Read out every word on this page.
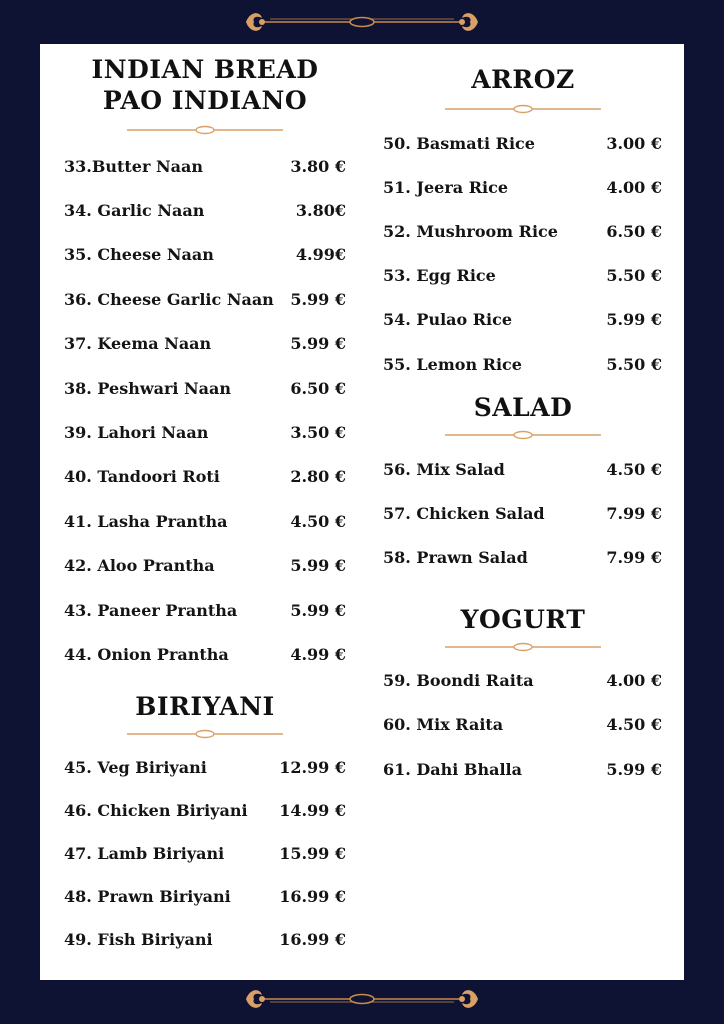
INDIAN BREAD
PAO INDIANO
33.Butter Naan	3.80 €
34. Garlic Naan	3.80€
35. Cheese Naan	4.99€
36. Cheese Garlic Naan 5.99 €
37. Keema Naan	5.99 €
38. Peshwari Naan	6.50 €
39. Lahori Naan	3.50 €
40. Tandoori Roti	2.80 €
41. Lasha Prantha	4.50 €
42. Aloo Prantha	5.99 €
43. Paneer Prantha	5.99 €
44. Onion Prantha	4.99 €
BIRIYANI
45. Veg Biriyani	12.99 €
46. Chicken Biriyani 14.99 €
47. Lamb Biriyani	15.99 €
48. Prawn Biriyani	16.99 €
49. Fish Biriyani	16.99 €
ARROZ
50. Basmati Rice	3.00 €
51. Jeera Rice	4.00 €
52. Mushroom Rice	6.50 €
53. Egg Rice	5.50 €
54. Pulao Rice	5.99 €
55. Lemon Rice	5.50 €
SALAD
56. Mix Salad	4.50 €
57. Chicken Salad	7.99 €
58. Prawn Salad	7.99 €
YOGURT
59. Boondi Raita	4.00 €
60. Mix Raita	4.50 €
61. Dahi Bhalla	5.99 €
